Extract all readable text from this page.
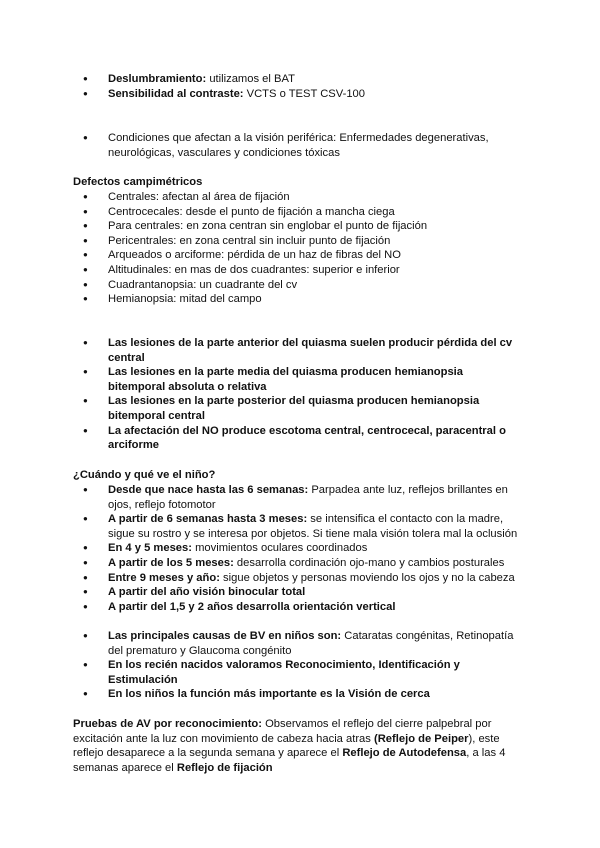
● Deslumbramiento: utilizamos el BAT
● Sensibilidad al contraste: VCTS o TEST CSV-100
● Condiciones que afectan a la visión periférica: Enfermedades degenerativas, neurológicas, vasculares y condiciones tóxicas
Defectos campimétricos
● Centrales: afectan al área de fijación
● Centrocecales: desde el punto de fijación a mancha ciega
● Para centrales: en zona centran sin englobar el punto de fijación
● Pericentrales: en zona central sin incluir punto de fijación
● Arqueados o arciforme: pérdida de un haz de fibras del NO
● Altitudinales: en mas de dos cuadrantes: superior e inferior
● Cuadrantanopsia: un cuadrante del cv
● Hemianopsia: mitad del campo
● Las lesiones de la parte anterior del quiasma suelen producir pérdida del cv central
● Las lesiones en la parte media del quiasma producen hemianopsia bitemporal absoluta o relativa
● Las lesiones en la parte posterior del quiasma producen hemianopsia bitemporal central
● La afectación del NO produce escotoma central, centrocecal, paracentral o arciforme
¿Cuándo y qué ve el niño?
● Desde que nace hasta las 6 semanas: Parpadea ante luz, reflejos brillantes en ojos, reflejo fotomotor
● A partir de 6 semanas hasta 3 meses: se intensifica el contacto con la madre, sigue su rostro y se interesa por objetos. Si tiene mala visión tolera mal la oclusión
● En 4 y 5 meses: movimientos oculares coordinados
● A partir de los 5 meses: desarrolla cordinación ojo-mano y cambios posturales
● Entre 9 meses y año: sigue objetos y personas moviendo los ojos y no la cabeza
● A partir del año visión binocular total
● A partir del 1,5 y 2 años desarrolla orientación vertical
● Las principales causas de BV en niños son: Cataratas congénitas, Retinopatía del prematuro y Glaucoma congénito
● En los recién nacidos valoramos Reconocimiento, Identificación y Estimulación
● En los niños la función más importante es la Visión de cerca
Pruebas de AV por reconocimiento: Observamos el reflejo del cierre palpebral por excitación ante la luz con movimiento de cabeza hacia atras (Reflejo de Peiper), este reflejo desaparece a la segunda semana y aparece el Reflejo de Autodefensa, a las 4 semanas aparece el Reflejo de fijación
